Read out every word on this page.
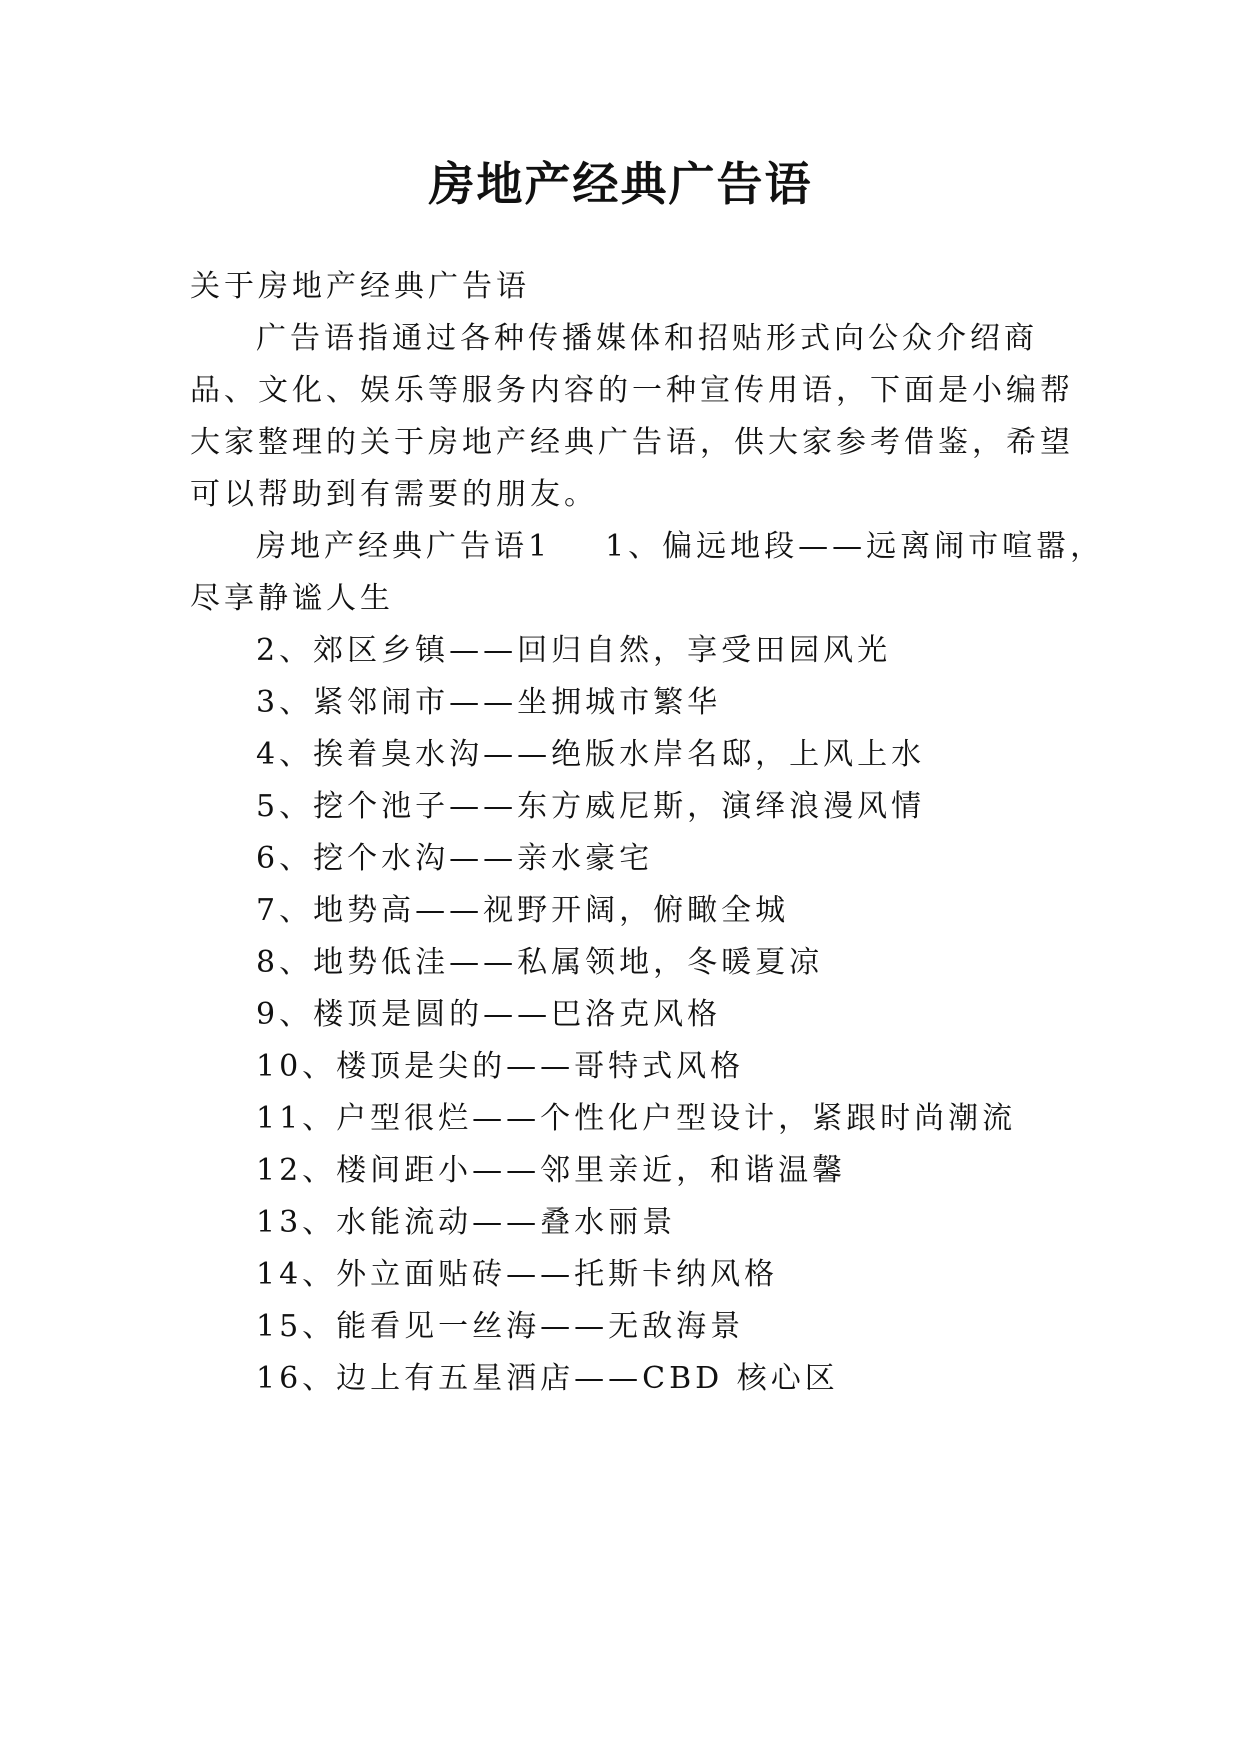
房地产经典广告语
关于房地产经典广告语
广告语指通过各种传播媒体和招贴形式向公众介绍商
品、文化、娱乐等服务内容的一种宣传用语，下面是小编帮
大家整理的关于房地产经典广告语，供大家参考借鉴，希望
可以帮助到有需要的朋友。
房地产经典广告语1 1、偏远地段——远离闹市喧嚣，
尽享静谧人生
2、郊区乡镇——回归自然，享受田园风光
3、紧邻闹市——坐拥城市繁华
4、挨着臭水沟——绝版水岸名邸，上风上水
5、挖个池子——东方威尼斯，演绎浪漫风情
6、挖个水沟——亲水豪宅
7、地势高——视野开阔，俯瞰全城
8、地势低洼——私属领地，冬暖夏凉
9、楼顶是圆的——巴洛克风格
10、楼顶是尖的——哥特式风格
11、户型很烂——个性化户型设计，紧跟时尚潮流
12、楼间距小——邻里亲近，和谐温馨
13、水能流动——叠水丽景
14、外立面贴砖——托斯卡纳风格
15、能看见一丝海——无敌海景
16、边上有五星酒店——CBD 核心区
